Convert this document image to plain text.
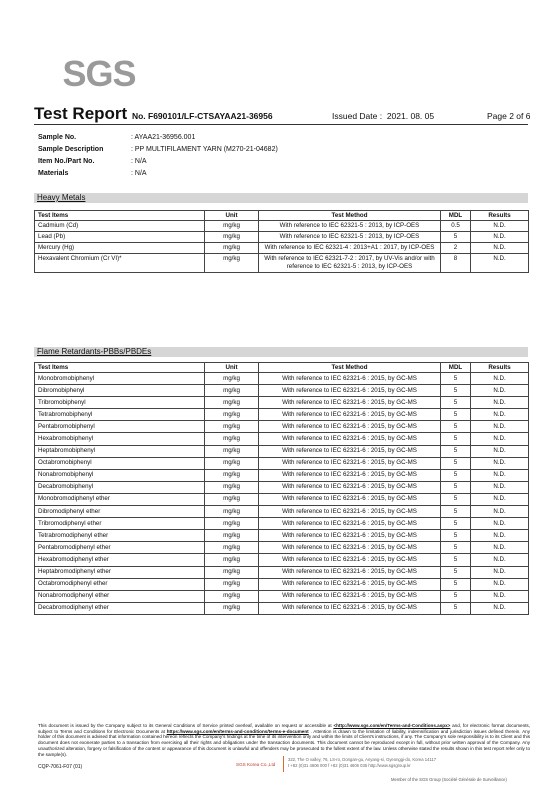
SGS
Test Report No. F690101/LF-CTSAYAA21-36956	Issued Date : 2021. 08. 05	Page 2 of 6
Sample No.	: AYAA21-36956.001
Sample Description	: PP MULTIFILAMENT YARN (M270-21-04682)
Item No./Part No.	: N/A
Materials	: N/A
Heavy Metals
Test Items	Unit	Test Method	MDL	Results
Cadmium (Cd)	mg/kg	With reference to IEC 62321-5 : 2013, by ICP-OES	0.5	N.D.
Lead (Pb)	mg/kg	With reference to IEC 62321-5 : 2013, by ICP-OES	5	N.D.
Mercury (Hg)	mg/kg	With reference to IEC 62321-4 : 2013+A1 : 2017, by ICP-OES	2	N.D.
Hexavalent Chromium (Cr VI)*	mg/kg	With reference to IEC 62321-7-2 : 2017, by UV-Vis and/or with reference to IEC 62321-5 : 2013, by ICP-OES	8	N.D.
Flame Retardants-PBBs/PBDEs
Test Items	Unit	Test Method	MDL	Results
Monobromobiphenyl	mg/kg	With reference to IEC 62321-6 : 2015, by GC-MS	5	N.D.
Dibromobiphenyl	mg/kg	With reference to IEC 62321-6 : 2015, by GC-MS	5	N.D.
Tribromobiphenyl	mg/kg	With reference to IEC 62321-6 : 2015, by GC-MS	5	N.D.
Tetrabromobiphenyl	mg/kg	With reference to IEC 62321-6 : 2015, by GC-MS	5	N.D.
Pentabromobiphenyl	mg/kg	With reference to IEC 62321-6 : 2015, by GC-MS	5	N.D.
Hexabromobiphenyl	mg/kg	With reference to IEC 62321-6 : 2015, by GC-MS	5	N.D.
Heptabromobiphenyl	mg/kg	With reference to IEC 62321-6 : 2015, by GC-MS	5	N.D.
Octabromobiphenyl	mg/kg	With reference to IEC 62321-6 : 2015, by GC-MS	5	N.D.
Nonabromobiphenyl	mg/kg	With reference to IEC 62321-6 : 2015, by GC-MS	5	N.D.
Decabromobiphenyl	mg/kg	With reference to IEC 62321-6 : 2015, by GC-MS	5	N.D.
Monobromodiphenyl ether	mg/kg	With reference to IEC 62321-6 : 2015, by GC-MS	5	N.D.
Dibromodiphenyl ether	mg/kg	With reference to IEC 62321-6 : 2015, by GC-MS	5	N.D.
Tribromodiphenyl ether	mg/kg	With reference to IEC 62321-6 : 2015, by GC-MS	5	N.D.
Tetrabromodiphenyl ether	mg/kg	With reference to IEC 62321-6 : 2015, by GC-MS	5	N.D.
Pentabromodiphenyl ether	mg/kg	With reference to IEC 62321-6 : 2015, by GC-MS	5	N.D.
Hexabromodiphenyl ether	mg/kg	With reference to IEC 62321-6 : 2015, by GC-MS	5	N.D.
Heptabromodiphenyl ether	mg/kg	With reference to IEC 62321-6 : 2015, by GC-MS	5	N.D.
Octabromodiphenyl ether	mg/kg	With reference to IEC 62321-6 : 2015, by GC-MS	5	N.D.
Nonabromodiphenyl ether	mg/kg	With reference to IEC 62321-6 : 2015, by GC-MS	5	N.D.
Decabromodiphenyl ether	mg/kg	With reference to IEC 62321-6 : 2015, by GC-MS	5	N.D.
This document is issued by the Company subject to its General Conditions of Service printed overleaf, available on request or accessible at <http://www.sgs.com/en/Terms-and-Conditions.aspx> and, for electronic format documents, subject to Terms and Conditions for Electronic Documents at https://www.sgs.com/en/terms-and-conditions/terms-e-document . Attention is drawn to the limitation of liability, indemnification and jurisdiction issues defined therein. Any holder of this document is advised that information contained hereon reflects the Company's findings at the time of its intervention only and within the limits of Client's instructions, if any. The Company's sole responsibility is to its Client and this document does not exonerate parties to a transaction from exercising all their rights and obligations under the transaction documents. This document cannot be reproduced except in full, without prior written approval of the Company. Any unauthorized alteration, forgery or falsification of the content or appearance of this document is unlawful and offenders may be prosecuted to the fullest extent of the law. Unless otherwise stated the results shown in this test report refer only to the sample(s).
CQP-7061-F07 (01)	SGS Korea Co.,Ltd
322, The O valley, 76, LS-ro, Dongan-gu, Anyang-si, Gyeonggi-do, Korea 14117
t +82 (0)31 4606 000 f +82 (0)31 4606 035 http://www.sgsgroup.kr
Member of the SGS Group (Société Générale de Surveillance)
